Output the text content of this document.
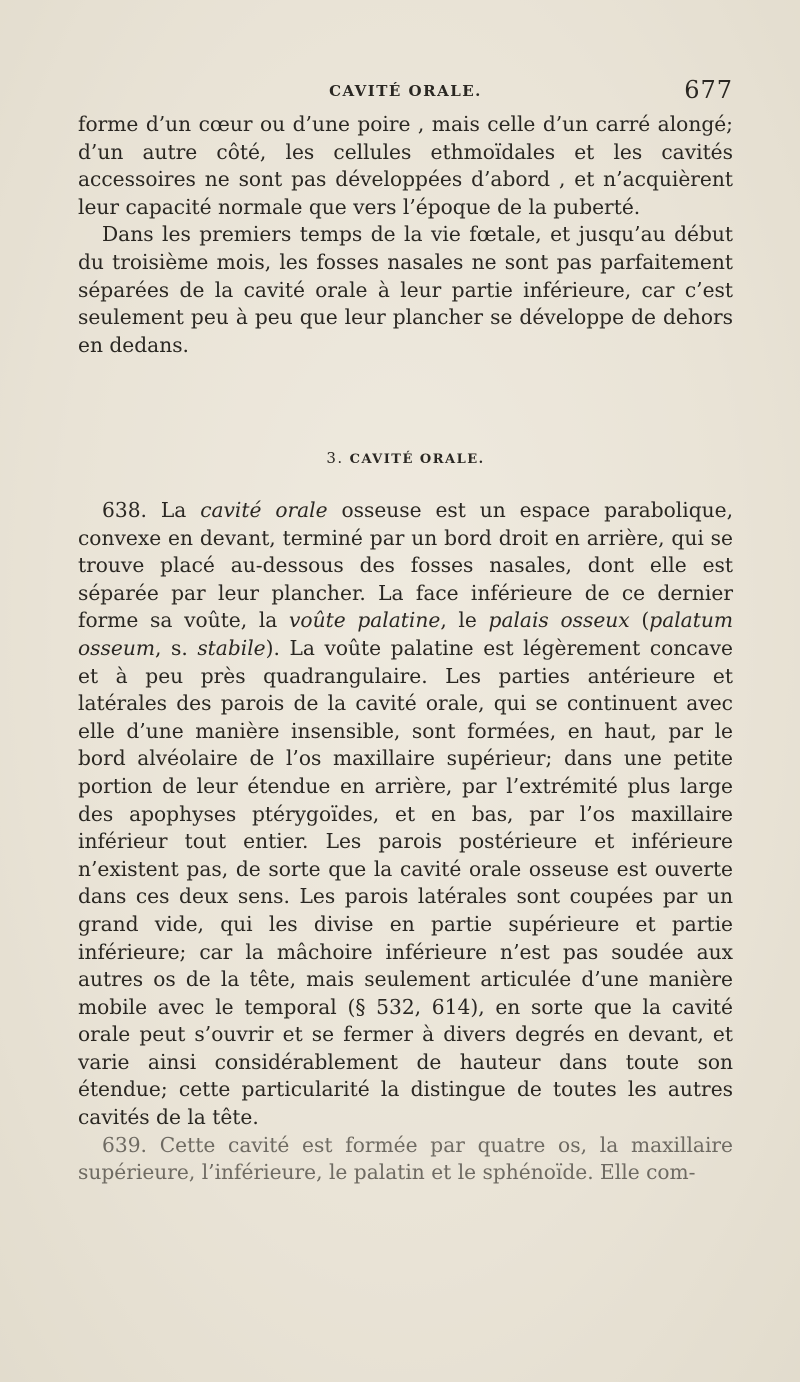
CAVITÉ ORALE.	677

forme d’un cœur ou d’une poire , mais celle d’un carré alongé; d’un autre côté, les cellules ethmoïdales et les cavités accessoires ne sont pas développées d’abord , et n’acquièrent leur capacité normale que vers l’époque de la puberté.

Dans les premiers temps de la vie fœtale, et jusqu’au début du troisième mois, les fosses nasales ne sont pas parfaitement séparées de la cavité orale à leur partie inférieure, car c’est seulement peu à peu que leur plancher se développe de dehors en dedans.

3. CAVITÉ ORALE.

638. La cavité orale osseuse est un espace parabolique, convexe en devant, terminé par un bord droit en arrière, qui se trouve placé au-dessous des fosses nasales, dont elle est séparée par leur plancher. La face inférieure de ce dernier forme sa voûte, la voûte palatine, le palais osseux (palatum osseum, s. stabile). La voûte palatine est légèrement concave et à peu près quadrangulaire. Les parties antérieure et latérales des parois de la cavité orale, qui se continuent avec elle d’une manière insensible, sont formées, en haut, par le bord alvéolaire de l’os maxillaire supérieur; dans une petite portion de leur étendue en arrière, par l’extrémité plus large des apophyses ptérygoïdes, et en bas, par l’os maxillaire inférieur tout entier. Les parois postérieure et inférieure n’existent pas, de sorte que la cavité orale osseuse est ouverte dans ces deux sens. Les parois latérales sont coupées par un grand vide, qui les divise en partie supérieure et partie inférieure; car la mâchoire inférieure n’est pas soudée aux autres os de la tête, mais seulement articulée d’une manière mobile avec le temporal (§ 532, 614), en sorte que la cavité orale peut s’ouvrir et se fermer à divers degrés en devant, et varie ainsi considérablement de hauteur dans toute son étendue; cette particularité la distingue de toutes les autres cavités de la tête.

639. Cette cavité est formée par quatre os, la maxillaire supérieure, l’inférieure, le palatin et le sphénoïde. Elle com-
